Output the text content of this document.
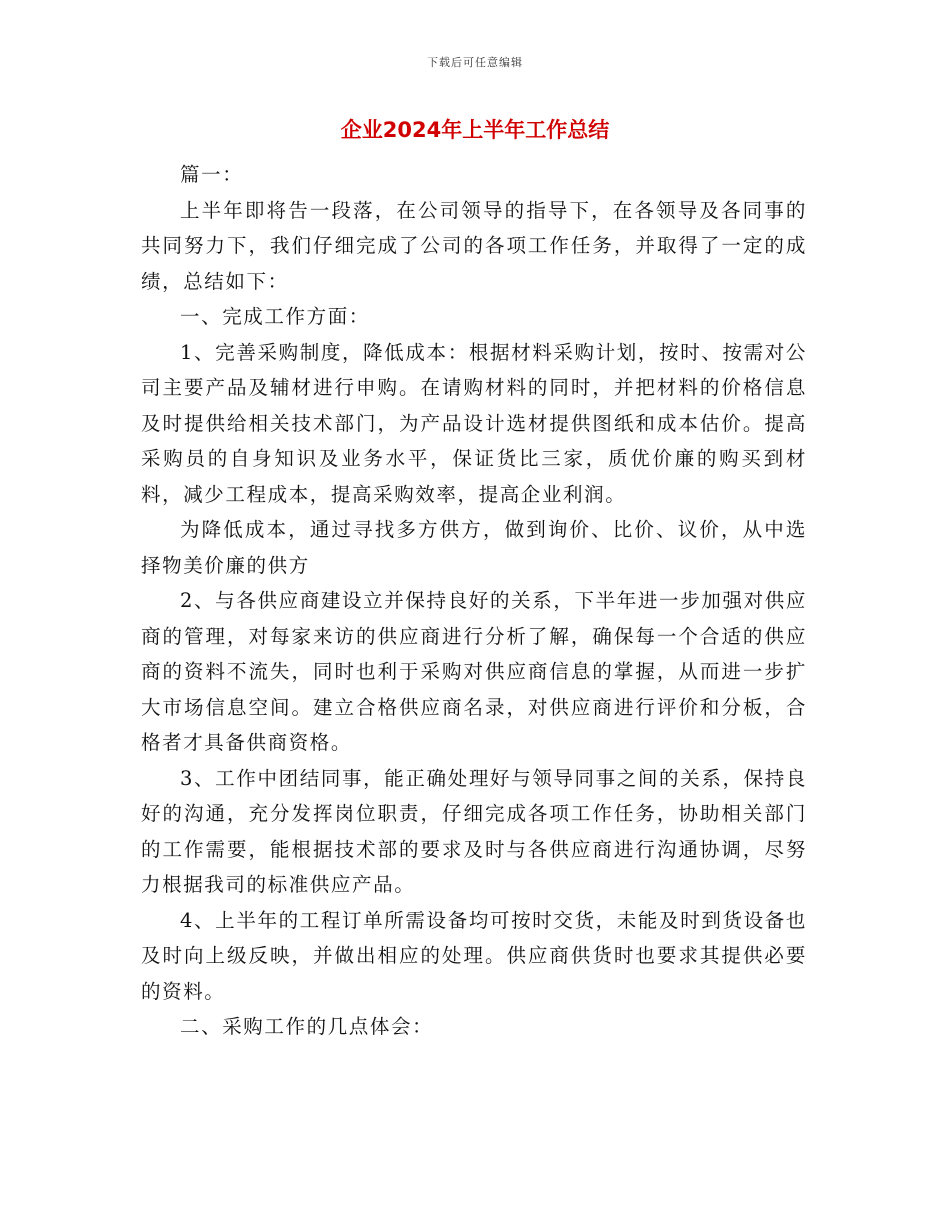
下载后可任意编辑
企业2024年上半年工作总结

篇一：

上半年即将告一段落，在公司领导的指导下，在各领导及各同事的共同努力下，我们仔细完成了公司的各项工作任务，并取得了一定的成绩，总结如下：

一、完成工作方面：

1、完善采购制度，降低成本：根据材料采购计划，按时、按需对公司主要产品及辅材进行申购。在请购材料的同时，并把材料的价格信息及时提供给相关技术部门，为产品设计选材提供图纸和成本估价。提高采购员的自身知识及业务水平，保证货比三家，质优价廉的购买到材料，减少工程成本，提高采购效率，提高企业利润。

为降低成本，通过寻找多方供方，做到询价、比价、议价，从中选择物美价廉的供方

2、与各供应商建设立并保持良好的关系，下半年进一步加强对供应商的管理，对每家来访的供应商进行分析了解，确保每一个合适的供应商的资料不流失，同时也利于采购对供应商信息的掌握，从而进一步扩大市场信息空间。建立合格供应商名录，对供应商进行评价和分板，合格者才具备供商资格。

3、工作中团结同事，能正确处理好与领导同事之间的关系，保持良好的沟通，充分发挥岗位职责，仔细完成各项工作任务，协助相关部门的工作需要，能根据技术部的要求及时与各供应商进行沟通协调，尽努力根据我司的标准供应产品。

4、上半年的工程订单所需设备均可按时交货，未能及时到货设备也及时向上级反映，并做出相应的处理。供应商供货时也要求其提供必要的资料。

二、采购工作的几点体会：
